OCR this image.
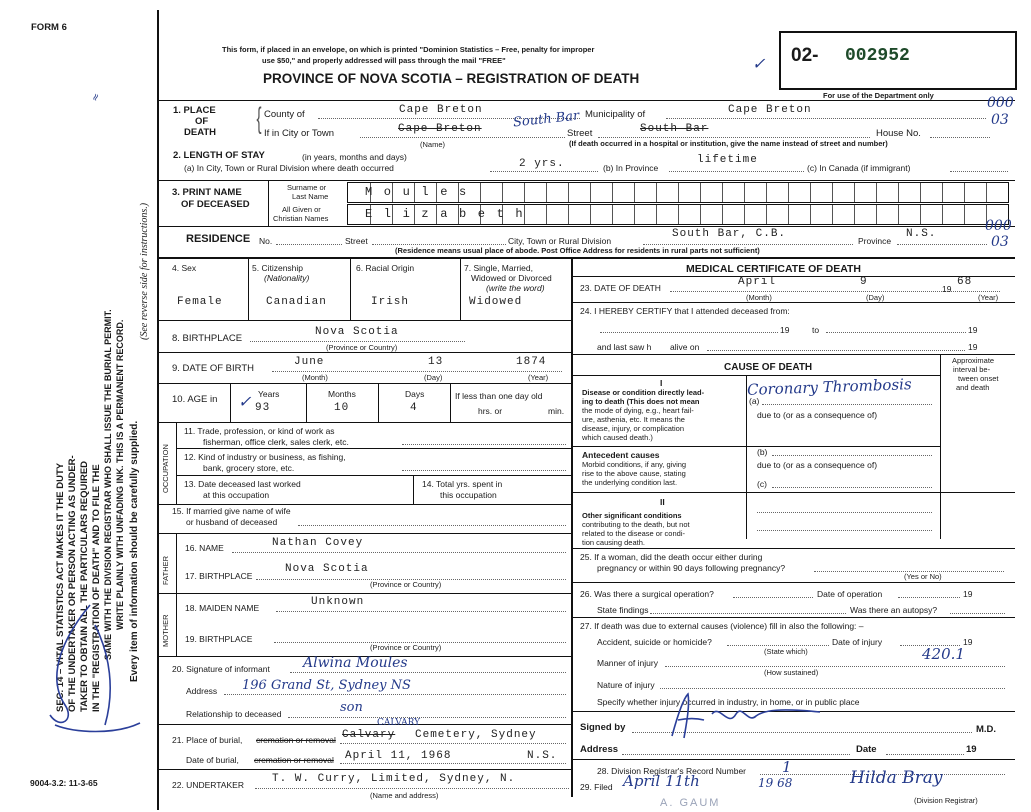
FORM 6
This form, if placed in an envelope, on which is printed "Dominion Statistics – Free, penalty for improper
use $50," and properly addressed will pass through the mail "FREE"
PROVINCE OF NOVA SCOTIA – REGISTRATION OF DEATH
02- 002952
For use of the Department only
✓
9004-3.2: 11-3-65
SEC. 14 – VITAL STATISTICS ACT MAKES IT THE DUTY OF THE UNDERTAKER OR PERSON ACTING AS UNDER- TAKER TO OBTAIN ALL THE PARTICULARS REQUIRED IN THE "REGISTRATION OF DEATH" AND TO FILE THE SAME WITH THE DIVISION REGISTRAR WHO SHALL ISSUE THE BURIAL PERMIT. WRITE PLAINLY WITH UNFADING INK. THIS IS A PERMANENT RECORD. Every item of information should be carefully supplied.
(See reverse side for instructions.)
≈
1. PLACE
OF
DEATH { County of	Cape Breton	Municipality of	Cape Breton
If in City or Town	Cape Breton South Bar
(Name)
Street	South Bar	House No.
(If death occurred in a hospital or institution, give the name instead of street and number)
000
03
2. LENGTH OF STAY	(in years, months and days)
(a) In City, Town or Rural Division where death occurred	2 yrs.	(b) In Province
lifetime
(c) In Canada (if immigrant)
3. PRINT NAME
OF DECEASED
Surname or
Last Name
All Given or
Christian Names
Moules
Elizabeth
RESIDENCE No.	Street	City, Town or Rural Division
South Bar, C.B.
Province
N.S.
(Residence means usual place of abode. Post Office Address for residents in rural parts not sufficient)
000
03
4. Sex
Female
5. Citizenship
(Nationality)
Canadian
6. Racial Origin
Irish
7. Single, Married,
Widowed or Divorced
(write the word)
Widowed
8. BIRTHPLACE
Nova Scotia
(Province or Country)
9. DATE OF BIRTH
June	13	1874
(Month)	(Day)	(Year)
10. AGE in	Years
93
✓	Months
10
Days
4
If less than one day old
hrs. or	min.
OCCUPATION
11. Trade, profession, or kind of work as
fisherman, office clerk, sales clerk, etc.
12. Kind of industry or business, as fishing,
bank, grocery store, etc.
13. Date deceased last worked
at this occupation
14. Total yrs. spent in
this occupation
15. If married give name of wife
or husband of deceased
FATHER
16. NAME	Nathan Covey
17. BIRTHPLACE
Nova Scotia
(Province or Country)
MOTHER
18. MAIDEN NAME	Unknown
19. BIRTHPLACE
(Province or Country)
20. Signature of informant Alwina Moules
Address 196 Grand St, Sydney NS
Relationship to deceased	son
21. Place of burial, cremation or removal
CALVARY
Calvary Cemetery, Sydney
Date of burial, cremation or removal April 11, 1968	N.S.
22. UNDERTAKER	T. W. Curry, Limited, Sydney, N.
(Name and address)
MEDICAL CERTIFICATE OF DEATH
23. DATE OF DEATH	April	9
19
68
(Month)	(Day)	(Year)
24. I HEREBY CERTIFY that I attended deceased from:
19	to	19
and last saw h alive on	19
CAUSE OF DEATH
Approximate
interval be-
tween onset
and death
I
Disease or condition directly lead-
ing to death (This does not mean
the mode of dying, e.g., heart fail-
ure, asthenia, etc. It means the
disease, injury, or complication
which caused death.)
(a)
Coronary Thrombosis
due to (or as a consequence of)
Antecedent causes
Morbid conditions, if any, giving
rise to the above cause, stating
the underlying condition last.
(b)
due to (or as a consequence of)
(c)
II
Other significant conditions
contributing to the death, but not
related to the disease or condi-
tion causing death.
25. If a woman, did the death occur either during
pregnancy or within 90 days following pregnancy?
(Yes or No)
26. Was there a surgical operation?	Date of operation	19
State findings	Was there an autopsy?
27. If death was due to external causes (violence) fill in also the following: –
Accident, suicide or homicide?	Date of injury	19
(State which)	420.1
Manner of injury
(How sustained)
Nature of injury
Specify whether injury occurred in industry, in home, or in public place
Signed by	M.D.
Address	Date	19
28. Division Registrar's Record Number 1
29. Filed April 11th	19 68	Hilda Bray
(Division Registrar)
A. GAUM
